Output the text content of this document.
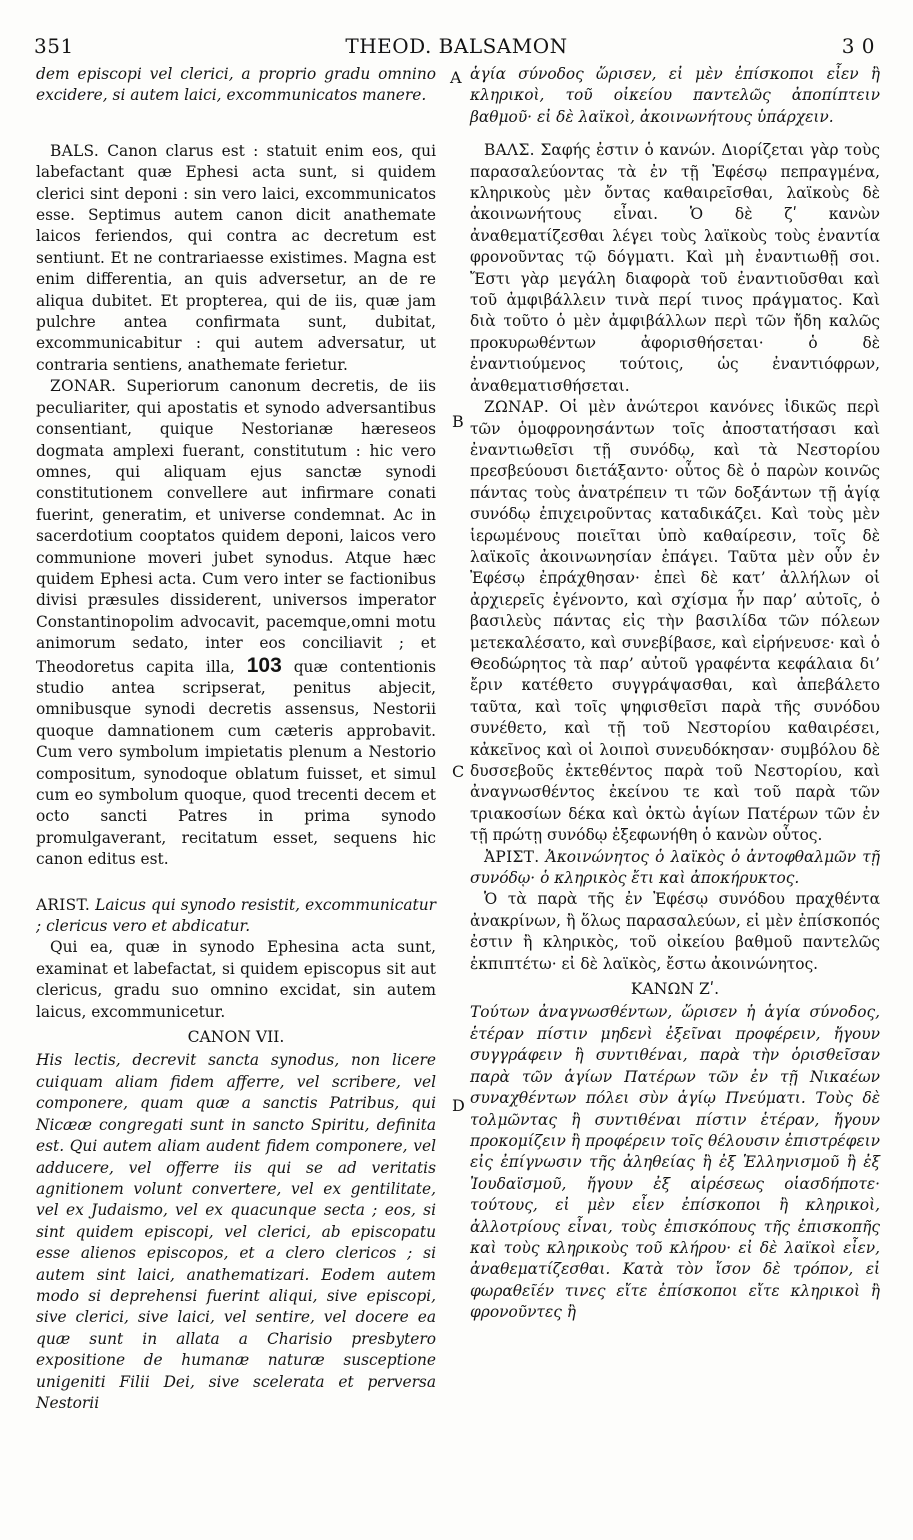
351	THEOD. BALSAMON	3 0
A
B
C
D

dem episcopi vel clerici, a proprio gradu omnino excidere, si autem laici, excommunicatos manere.

BALS. Canon clarus est : statuit enim eos, qui labefactant quæ Ephesi acta sunt, si quidem clerici sint deponi : sin vero laici, excommunicatos esse. Septimus autem canon dicit anathemate laicos feriendos, qui contra ac decretum est sentiunt. Et ne contrariaesse existimes. Magna est enim differentia, an quis adversetur, an de re aliqua dubitet. Et propterea, qui de iis, quæ jam pulchre antea confirmata sunt, dubitat, excommunicabitur : qui autem adversatur, ut contraria sentiens, anathemate ferietur.

ZONAR. Superiorum canonum decretis, de iis peculiariter, qui apostatis et synodo adversantibus consentiant, quique Nestorianæ hæreseos dogmata amplexi fuerant, constitutum : hic vero omnes, qui aliquam ejus sanctæ synodi constitutionem convellere aut infirmare conati fuerint, generatim, et universe condemnat. Ac in sacerdotium cooptatos quidem deponi, laicos vero communione moveri jubet synodus. Atque hæc quidem Ephesi acta. Cum vero inter se factionibus divisi præsules dissiderent, universos imperator Constantinopolim advocavit, pacemque,omni motu animorum sedato, inter eos conciliavit ; et Theodoretus capita illa, 103 quæ contentionis studio antea scripserat, penitus abjecit, omnibusque synodi decretis assensus, Nestorii quoque damnationem cum cæteris approbavit. Cum vero symbolum impietatis plenum a Nestorio compositum, synodoque oblatum fuisset, et simul cum eo symbolum quoque, quod trecenti decem et octo sancti Patres in prima synodo promulgaverant, recitatum esset, sequens hic canon editus est.

ARIST. Laicus qui synodo resistit, excommunicatur ; clericus vero et abdicatur.

Qui ea, quæ in synodo Ephesina acta sunt, examinat et labefactat, si quidem episcopus sit aut clericus, gradu suo omnino excidat, sin autem laicus, excommunicetur.

CANON VII.

His lectis, decrevit sancta synodus, non licere cuiquam aliam fidem afferre, vel scribere, vel componere, quam quæ a sanctis Patribus, qui Nicææ congregati sunt in sancto Spiritu, definita est. Qui autem aliam audent fidem componere, vel adducere, vel offerre iis qui se ad veritatis agnitionem volunt convertere, vel ex gentilitate, vel ex Judaismo, vel ex quacunque secta ; eos, si sint quidem episcopi, vel clerici, ab episcopatu esse alienos episcopos, et a clero clericos ; si autem sint laici, anathematizari. Eodem autem modo si deprehensi fuerint aliqui, sive episcopi, sive clerici, sive laici, vel sentire, vel docere ea quæ sunt in allata a Charisio presbytero expositione de humanæ naturæ susceptione unigeniti Filii Dei, sive scelerata et perversa Nestorii

ἁγία σύνοδος ὥρισεν, εἰ μὲν ἐπίσκοποι εἶεν ἢ κληρικοὶ, τοῦ οἰκείου παντελῶς ἀποπίπτειν βαθμοῦ· εἰ δὲ λαϊκοὶ, ἀκοινωνήτους ὑπάρχειν.

ΒΑΛΣ. Σαφής ἐστιν ὁ κανών. Διορίζεται γὰρ τοὺς παρασαλεύοντας τὰ ἐν τῇ Ἐφέσῳ πεπραγμένα, κληρικοὺς μὲν ὄντας καθαιρεῖσθαι, λαϊκοὺς δὲ ἀκοινωνήτους εἶναι. Ὁ δὲ ζʹ κανὼν ἀναθεματίζεσθαι λέγει τοὺς λαϊκοὺς τοὺς ἐναντία φρονοῦντας τῷ δόγματι. Καὶ μὴ ἐναντιωθῇ σοι. Ἔστι γὰρ μεγάλη διαφορὰ τοῦ ἐναντιοῦσθαι καὶ τοῦ ἀμφιβάλλειν τινὰ περί τινος πράγματος. Καὶ διὰ τοῦτο ὁ μὲν ἀμφιβάλλων περὶ τῶν ἤδη καλῶς προκυρωθέντων ἀφορισθήσεται· ὁ δὲ ἐναντιούμενος τούτοις, ὡς ἐναντιόφρων, ἀναθεματισθήσεται.

ΖΩΝΑΡ. Οἱ μὲν ἀνώτεροι κανόνες ἰδικῶς περὶ τῶν ὁμοφρονησάντων τοῖς ἀποστατήσασι καὶ ἐναντιωθεῖσι τῇ συνόδῳ, καὶ τὰ Νεστορίου πρεσβεύουσι διετάξαντο· οὗτος δὲ ὁ παρὼν κοινῶς πάντας τοὺς ἀνατρέπειν τι τῶν δοξάντων τῇ ἁγίᾳ συνόδῳ ἐπιχειροῦντας καταδικάζει. Καὶ τοὺς μὲν ἱερωμένους ποιεῖται ὑπὸ καθαίρεσιν, τοῖς δὲ λαϊκοῖς ἀκοινωνησίαν ἐπάγει. Ταῦτα μὲν οὖν ἐν Ἐφέσῳ ἐπράχθησαν· ἐπεὶ δὲ κατ’ ἀλλήλων οἱ ἀρχιερεῖς ἐγένοντο, καὶ σχίσμα ἦν παρ’ αὐτοῖς, ὁ βασιλεὺς πάντας εἰς τὴν βασιλίδα τῶν πόλεων μετεκαλέσατο, καὶ συνεβίβασε, καὶ εἰρήνευσε· καὶ ὁ Θεοδώρητος τὰ παρ’ αὐτοῦ γραφέντα κεφάλαια δι’ ἔριν κατέθετο συγγράψασθαι, καὶ ἀπεβάλετο ταῦτα, καὶ τοῖς ψηφισθεῖσι παρὰ τῆς συνόδου συνέθετο, καὶ τῇ τοῦ Νεστορίου καθαιρέσει, κἀκεῖνος καὶ οἱ λοιποὶ συνευδόκησαν· συμβόλου δὲ δυσσεβοῦς ἐκτεθέντος παρὰ τοῦ Νεστορίου, καὶ ἀναγνωσθέντος ἐκείνου τε καὶ τοῦ παρὰ τῶν τριακοσίων δέκα καὶ ὀκτὼ ἁγίων Πατέρων τῶν ἐν τῇ πρώτῃ συνόδῳ ἐξεφωνήθη ὁ κανὼν οὗτος.

ἈΡΙΣΤ. Ἀκοινώνητος ὁ λαϊκὸς ὁ ἀντοφθαλμῶν τῇ συνόδῳ· ὁ κληρικὸς ἔτι καὶ ἀποκήρυκτος.

Ὁ τὰ παρὰ τῆς ἐν Ἐφέσῳ συνόδου πραχθέντα ἀνακρίνων, ἢ ὅλως παρασαλεύων, εἰ μὲν ἐπίσκοπός ἐστιν ἢ κληρικὸς, τοῦ οἰκείου βαθμοῦ παντελῶς ἐκπιπτέτω· εἰ δὲ λαϊκὸς, ἔστω ἀκοινώνητος.

ΚΑΝΩΝ Ζʹ.

Τούτων ἀναγνωσθέντων, ὥρισεν ἡ ἁγία σύνοδος, ἑτέραν πίστιν μηδενὶ ἐξεῖναι προφέρειν, ἤγουν συγγράφειν ἢ συντιθέναι, παρὰ τὴν ὁρισθεῖσαν παρὰ τῶν ἁγίων Πατέρων τῶν ἐν τῇ Νικαέων συναχθέντων πόλει σὺν ἁγίῳ Πνεύματι. Τοὺς δὲ τολμῶντας ἢ συντιθέναι πίστιν ἑτέραν, ἤγουν προκομίζειν ἢ προφέρειν τοῖς θέλουσιν ἐπιστρέφειν εἰς ἐπίγνωσιν τῆς ἀληθείας ἢ ἐξ Ἑλληνισμοῦ ἢ ἐξ Ἰουδαϊσμοῦ, ἤγουν ἐξ αἱρέσεως οἱασδήποτε· τούτους, εἰ μὲν εἶεν ἐπίσκοποι ἢ κληρικοὶ, ἀλλοτρίους εἶναι, τοὺς ἐπισκόπους τῆς ἐπισκοπῆς καὶ τοὺς κληρικοὺς τοῦ κλήρου· εἰ δὲ λαϊκοὶ εἶεν, ἀναθεματίζεσθαι. Κατὰ τὸν ἴσον δὲ τρόπον, εἰ φωραθεῖέν τινες εἴτε ἐπίσκοποι εἴτε κληρικοὶ ἢ φρονοῦντες ἢ
